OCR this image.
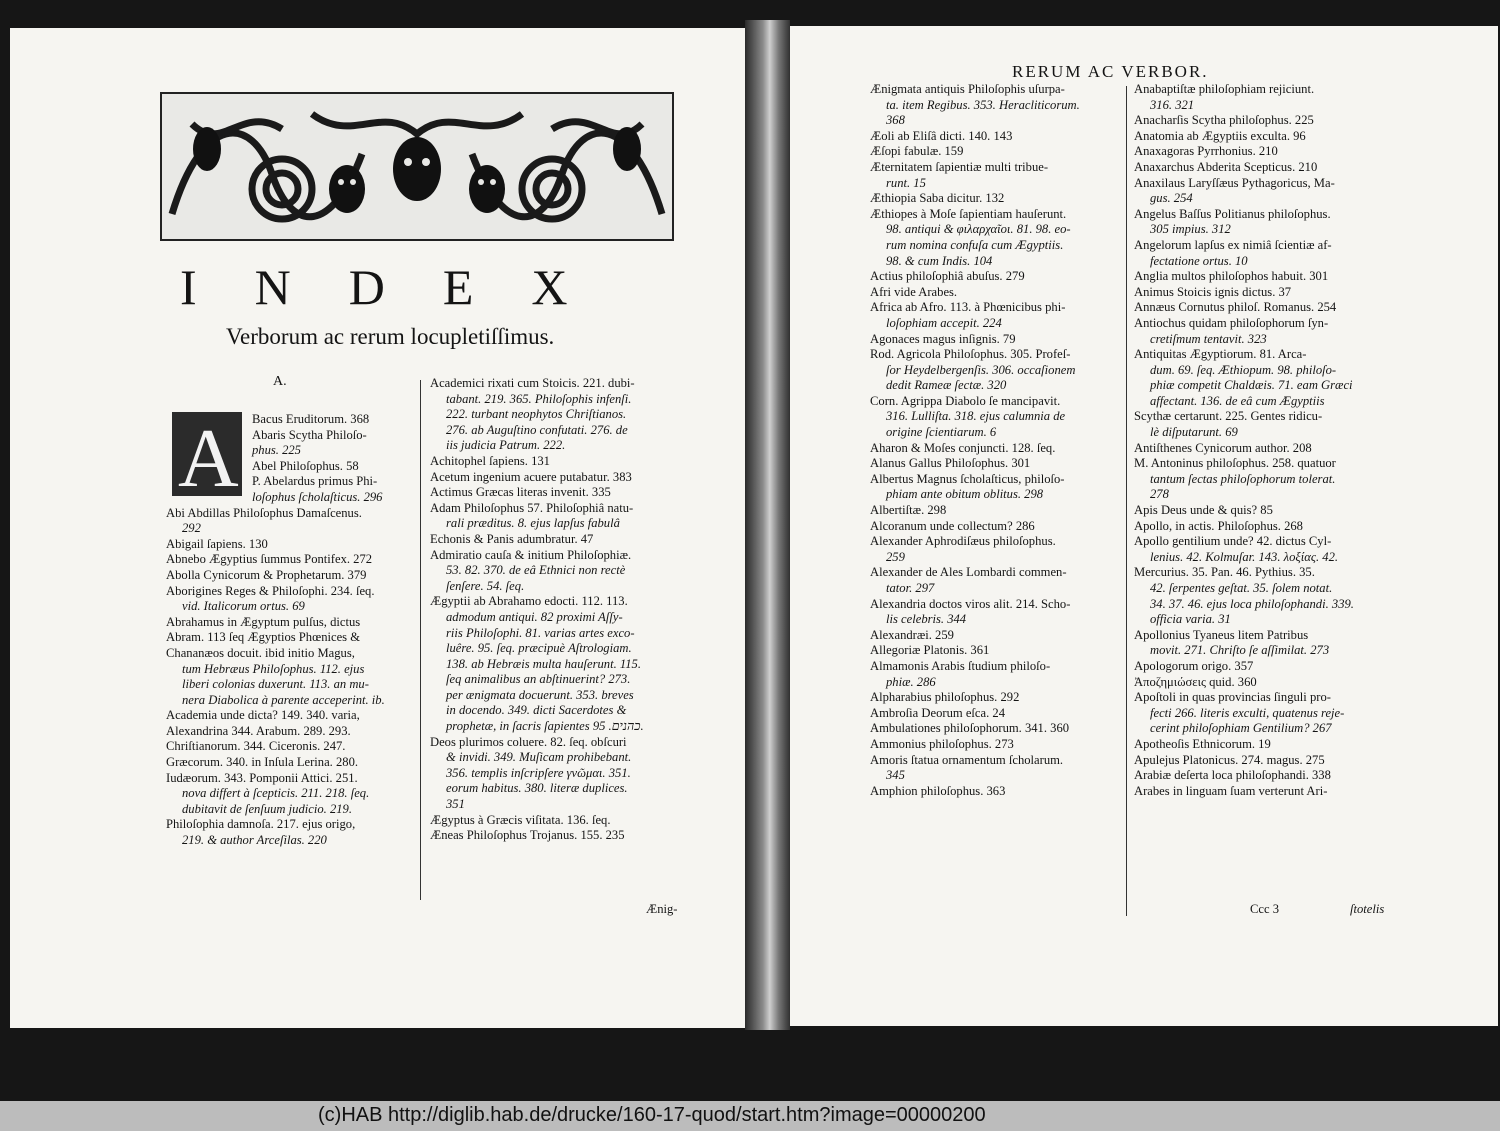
INDEX
Verborum ac rerum locupletiſſimus.
A.
A	Bacus Eruditorum. 368
Abaris Scytha Philoſo-
phus. 225
Abel Philoſophus. 58
P. Abelardus primus Phi-
loſophus ſcholaſticus. 296
Abi Abdillas Philoſophus Damaſcenus.
292
Abigail ſapiens. 130
Abnebo Ægyptius ſummus Pontifex. 272
Abolla Cynicorum & Prophetarum. 379
Aborigines Reges & Philoſophi. 234. ſeq.
vid. Italicorum ortus. 69
Abrahamus in Ægyptum pulſus, dictus
Abram. 113 ſeq Ægyptios Phœnices &
Chananæos docuit. ibid initio Magus,
tum Hebræus Philoſophus. 112. ejus
liberi colonias duxerunt. 113. an mu-
nera Diabolica à parente acceperint. ib.
Academia unde dicta? 149. 340. varia,
Alexandrina 344. Arabum. 289. 293.
Chriſtianorum. 344. Ciceronis. 247.
Græcorum. 340. in Inſula Lerina. 280.
Iudæorum. 343. Pomponii Attici. 251.
nova differt à ſcepticis. 211. 218. ſeq.
dubitavit de ſenſuum judicio. 219.
Philoſophia damnoſa. 217. ejus origo,
219. & author Arceſilas. 220
Academici rixati cum Stoicis. 221. dubi-
tabant. 219. 365. Philoſophis infenſi.
222. turbant neophytos Chriſtianos.
276. ab Auguſtino confutati. 276. de
iis judicia Patrum. 222.
Achitophel ſapiens. 131
Acetum ingenium acuere putabatur. 383
Actimus Græcas literas invenit. 335
Adam Philoſophus 57. Philoſophiâ natu-
rali præditus. 8. ejus lapſus fabulâ
Echonis & Panis adumbratur. 47
Admiratio cauſa & initium Philoſophiæ.
53. 82. 370. de eâ Ethnici non rectè
ſenſere. 54. ſeq.
Ægyptii ab Abrahamo edocti. 112. 113.
admodum antiqui. 82 proximi Aſſy-
riis Philoſophi. 81. varias artes exco-
luêre. 95. ſeq. præcipuè Aſtrologiam.
138. ab Hebræis multa hauſerunt. 115.
ſeq animalibus an abſtinuerint? 273.
per ænigmata docuerunt. 353. breves
in docendo. 349. dicti Sacerdotes &
prophetæ, in ſacris ſapientes כהנים. 95.
Deos plurimos coluere. 82. ſeq. obſcuri
& invidi. 349. Muſicam prohibebant.
356. templis inſcripſere γνῶμαι. 351.
eorum habitus. 380. literæ duplices.
351
Ægyptus à Græcis viſitata. 136. ſeq.
Æneas Philoſophus Trojanus. 155. 235
Ænig-
RERUM AC VERBOR.
Ænigmata antiquis Philoſophis uſurpa-
ta. item Regibus. 353. Heracliticorum.
368
Æoli ab Eliſâ dicti. 140. 143
Æſopi fabulæ. 159
Æternitatem ſapientiæ multi tribue-
runt. 15
Æthiopia Saba dicitur. 132
Æthiopes à Moſe ſapientiam hauſerunt.
98. antiqui & φιλαρχαῖοι. 81. 98. eo-
rum nomina confuſa cum Ægyptiis.
98. & cum Indis. 104
Actius philoſophiâ abuſus. 279
Afri vide Arabes.
Africa ab Afro. 113. à Phœnicibus phi-
loſophiam accepit. 224
Agonaces magus inſignis. 79
Rod. Agricola Philoſophus. 305. Profeſ-
ſor Heydelbergenſis. 306. occaſionem
dedit Rameæ ſectæ. 320
Corn. Agrippa Diabolo ſe mancipavit.
316. Lulliſta. 318. ejus calumnia de
origine ſcientiarum. 6
Aharon & Moſes conjuncti. 128. ſeq.
Alanus Gallus Philoſophus. 301
Albertus Magnus ſcholaſticus, philoſo-
phiam ante obitum oblitus. 298
Albertiſtæ. 298
Alcoranum unde collectum? 286
Alexander Aphrodiſæus philoſophus.
259
Alexander de Ales Lombardi commen-
tator. 297
Alexandria doctos viros alit. 214. Scho-
lis celebris. 344
Alexandræi. 259
Allegoriæ Platonis. 361
Almamonis Arabis ſtudium philoſo-
phiæ. 286
Alpharabius philoſophus. 292
Ambroſia Deorum eſca. 24
Ambulationes philoſophorum. 341. 360
Ammonius philoſophus. 273
Amoris ſtatua ornamentum ſcholarum.
345
Amphion philoſophus. 363
Anabaptiſtæ philoſophiam rejiciunt.
316. 321
Anacharſis Scytha philoſophus. 225
Anatomia ab Ægyptiis exculta. 96
Anaxagoras Pyrrhonius. 210
Anaxarchus Abderita Scepticus. 210
Anaxilaus Laryſſæus Pythagoricus, Ma-
gus. 254
Angelus Baſſus Politianus philoſophus.
305 impius. 312
Angelorum lapſus ex nimiâ ſcientiæ af-
fectatione ortus. 10
Anglia multos philoſophos habuit. 301
Animus Stoicis ignis dictus. 37
Annæus Cornutus philoſ. Romanus. 254
Antiochus quidam philoſophorum ſyn-
cretiſmum tentavit. 323
Antiquitas Ægyptiorum. 81. Arca-
dum. 69. ſeq. Æthiopum. 98. philoſo-
phiæ competit Chaldæis. 71. eam Græci
affectant. 136. de eâ cum Ægyptiis
Scythæ certarunt. 225. Gentes ridicu-
lè diſputarunt. 69
Antiſthenes Cynicorum author. 208
M. Antoninus philoſophus. 258. quatuor
tantum ſectas philoſophorum tolerat.
278
Apis Deus unde & quis? 85
Apollo, in actis. Philoſophus. 268
Apollo gentilium unde? 42. dictus Cyl-
lenius. 42. Kolmuſar. 143. λοξίας. 42.
Mercurius. 35. Pan. 46. Pythius. 35.
42. ſerpentes geſtat. 35. ſolem notat.
34. 37. 46. ejus loca philoſophandi. 339.
officia varia. 31
Apollonius Tyaneus litem Patribus
movit. 271. Chriſto ſe aſſimilat. 273
Apologorum origo. 357
Ἀποζημιώσεις quid. 360
Apoſtoli in quas provincias ſinguli pro-
fecti 266. literis exculti, quatenus reje-
cerint philoſophiam Gentilium? 267
Apotheoſis Ethnicorum. 19
Apulejus Platonicus. 274. magus. 275
Arabiæ deſerta loca philoſophandi. 338
Arabes in linguam ſuam verterunt Ari-
Ccc 3	ſtotelis
(c)HAB http://diglib.hab.de/drucke/160-17-quod/start.htm?image=00000200
